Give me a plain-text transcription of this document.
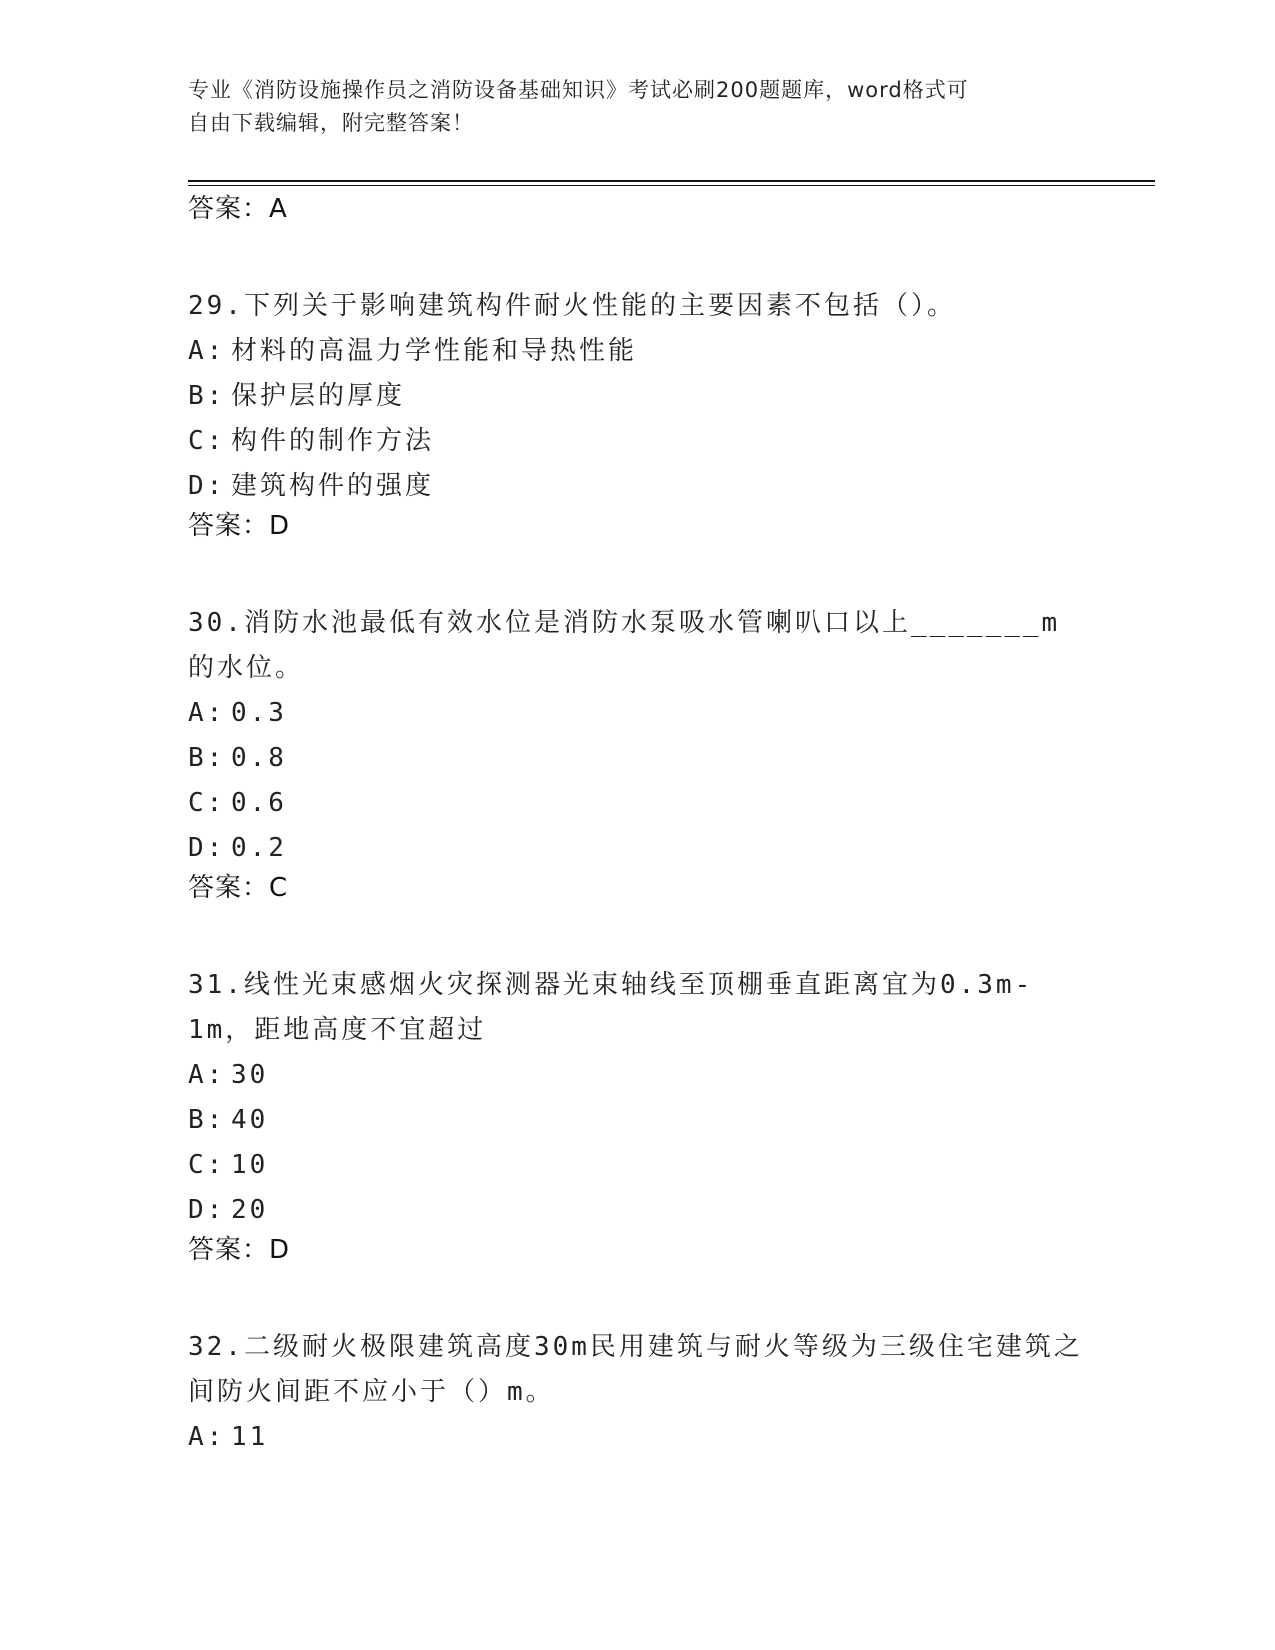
专业《消防设施操作员之消防设备基础知识》考试必刷200题题库，word格式可
自由下载编辑，附完整答案！
答案：A
29.下列关于影响建筑构件耐火性能的主要因素不包括（）。
A: 材料的高温力学性能和导热性能
B: 保护层的厚度
C: 构件的制作方法
D: 建筑构件的强度
答案：D
30.消防水池最低有效水位是消防水泵吸水管喇叭口以上_______m的水位。
A: 0.3
B: 0.8
C: 0.6
D: 0.2
答案：C
31.线性光束感烟火灾探测器光束轴线至顶棚垂直距离宜为0.3m-1m，距地高度不宜超过
A: 30
B: 40
C: 10
D: 20
答案：D
32.二级耐火极限建筑高度30m民用建筑与耐火等级为三级住宅建筑之间防火间距不应小于（）m。
A: 11
